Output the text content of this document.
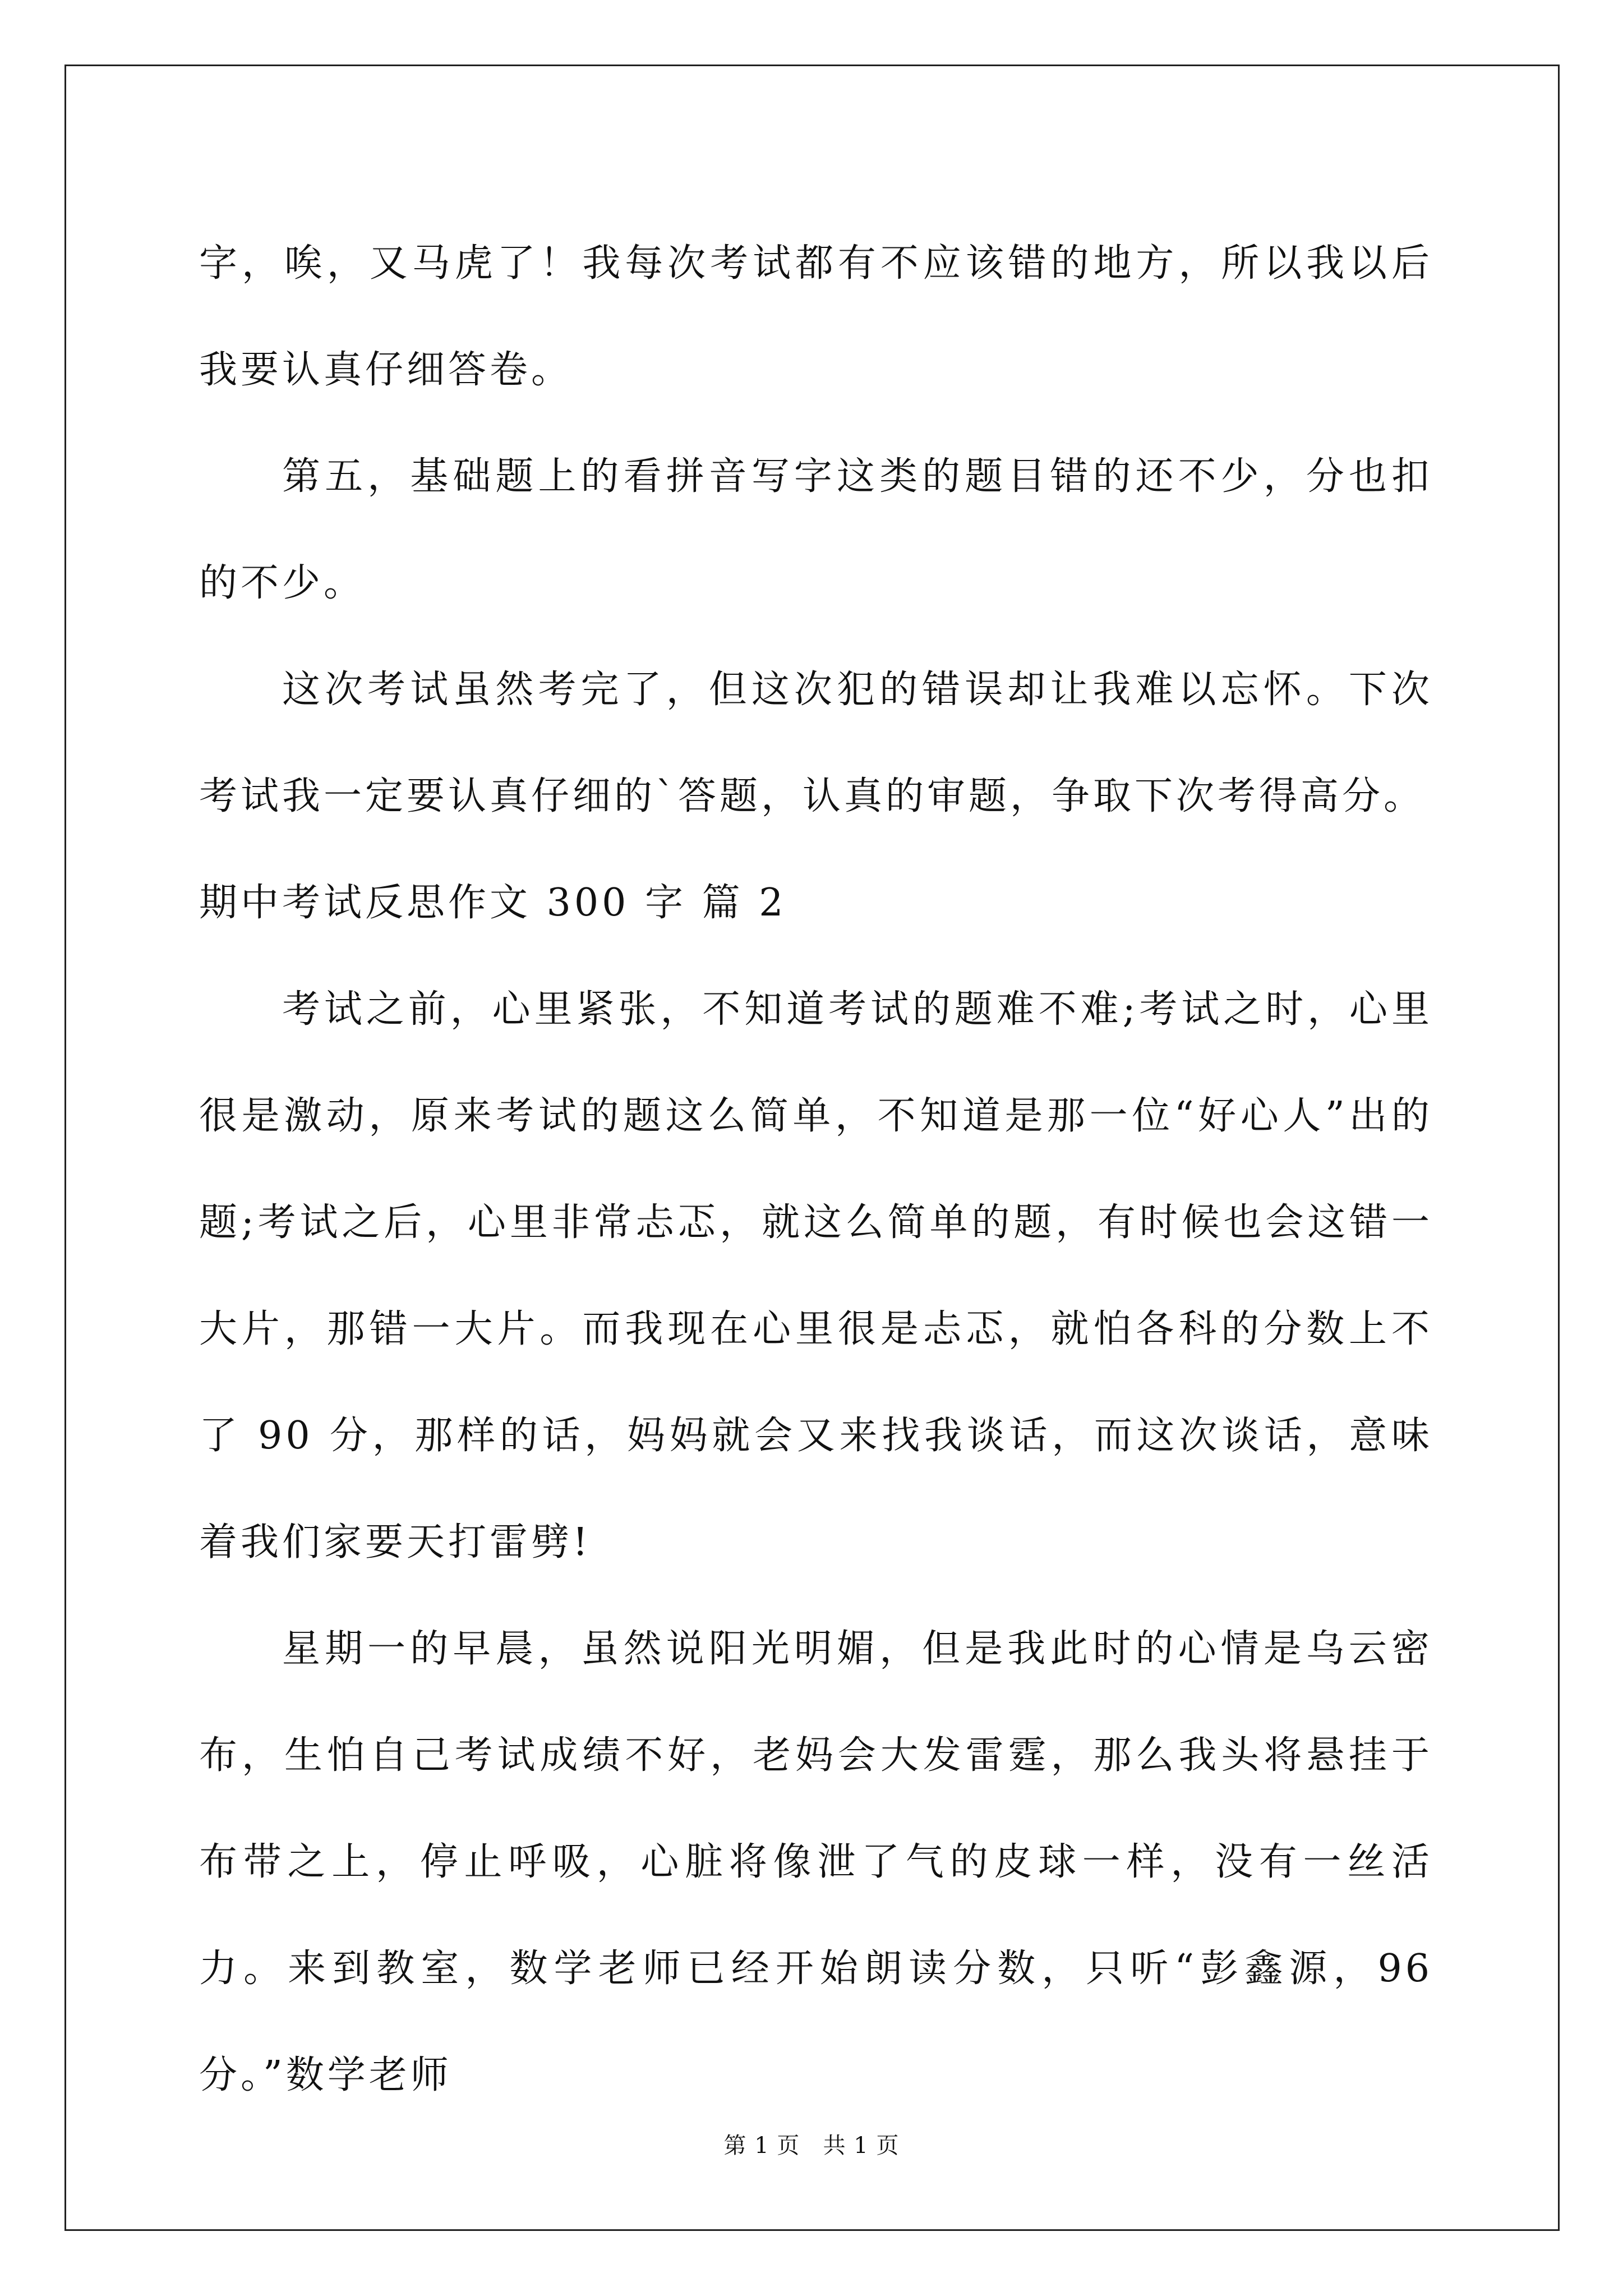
字，唉，又马虎了！我每次考试都有不应该错的地方，所以我以后我要认真仔细答卷。

第五，基础题上的看拼音写字这类的题目错的还不少，分也扣的不少。

这次考试虽然考完了，但这次犯的错误却让我难以忘怀。下次考试我一定要认真仔细的`答题，认真的审题，争取下次考得高分。

期中考试反思作文 300 字 篇 2

考试之前，心里紧张，不知道考试的题难不难;考试之时，心里很是激动，原来考试的题这么简单，不知道是那一位“好心人”出的题;考试之后，心里非常忐忑，就这么简单的题，有时候也会这错一大片，那错一大片。而我现在心里很是忐忑，就怕各科的分数上不了 90 分，那样的话，妈妈就会又来找我谈话，而这次谈话，意味着我们家要天打雷劈!

星期一的早晨，虽然说阳光明媚，但是我此时的心情是乌云密布，生怕自己考试成绩不好，老妈会大发雷霆，那么我头将悬挂于布带之上，停止呼吸，心脏将像泄了气的皮球一样，没有一丝活力。来到教室，数学老师已经开始朗读分数，只听“彭鑫源，96 分。”数学老师

第 1 页 共 1 页
